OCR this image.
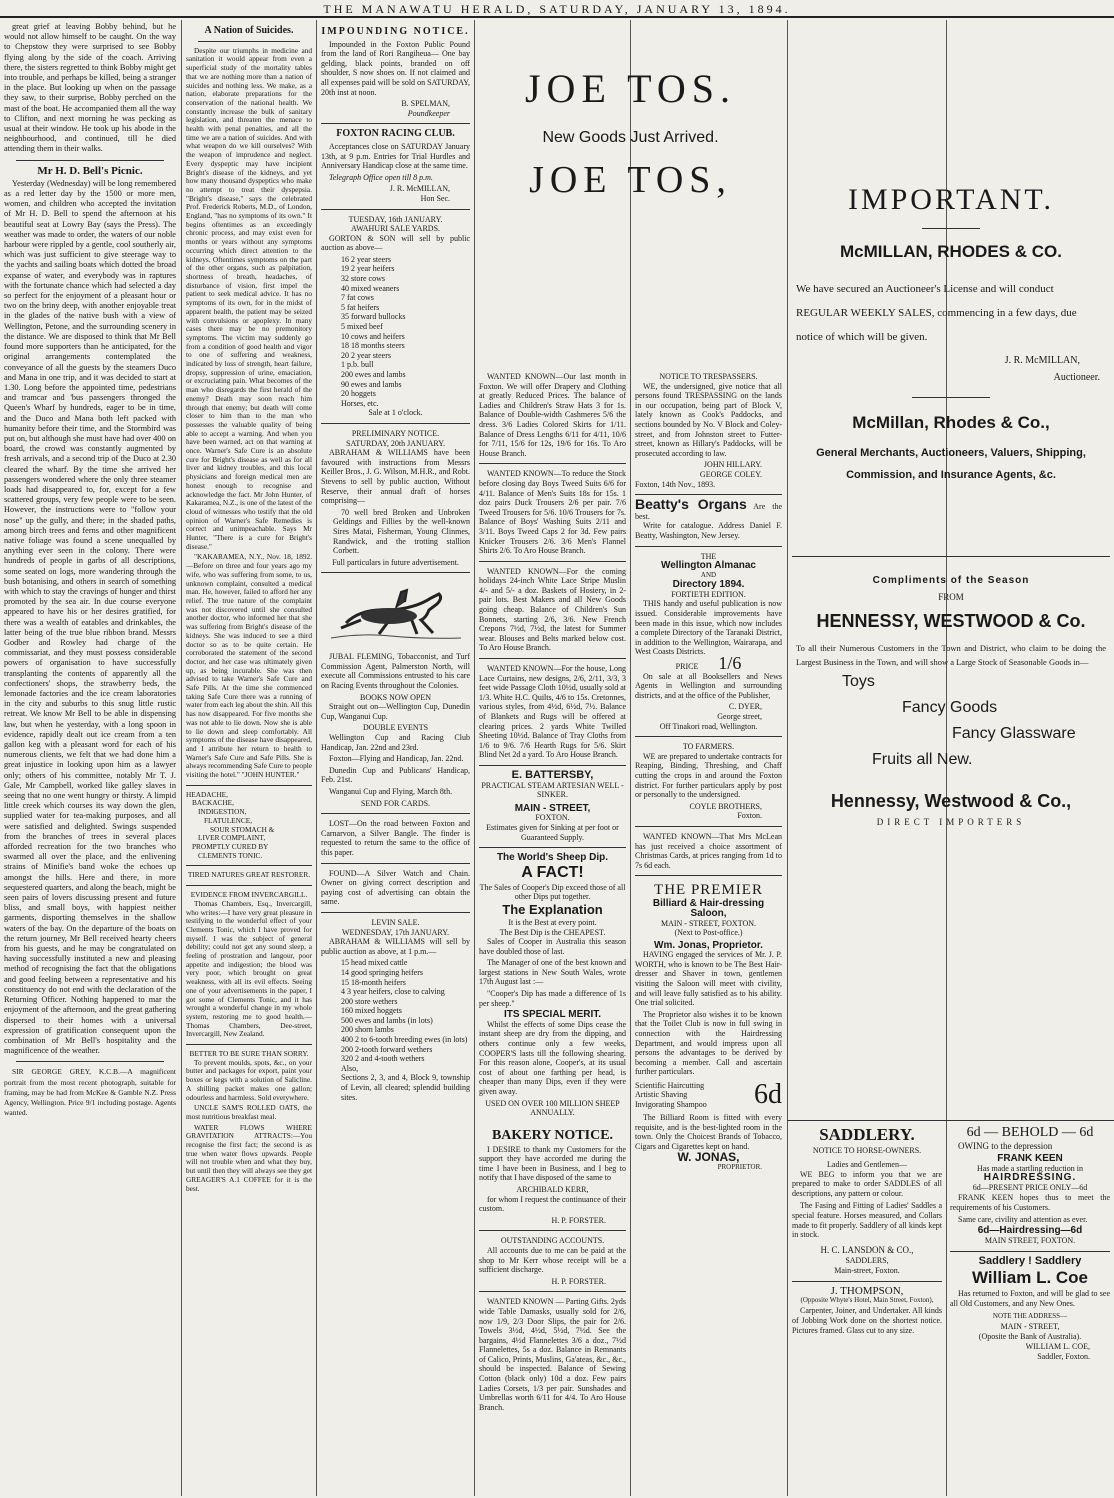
THE MANAWATU HERALD, SATURDAY, JANUARY 13, 1894.
great grief at leaving Bobby behind, but he would not allow himself to be caught. On the way to Chepstow they were surprised to see Bobby flying along by the side of the coach. Arriving there, the sisters regretted to think Bobby might get into trouble, and perhaps be killed, being a stranger in the place. But looking up when on the passage they saw, to their surprise, Bobby perched on the mast of the boat. He accompanied them all the way to Clifton, and next morning he was pecking as usual at their window. He took up his abode in the neighbourhood, and continued, till he died attending them in their walks.
Mr H. D. Bell's Picnic.
Yesterday (Wednesday) will be long remembered as a red letter day by the 1500 or more men, women, and children who accepted the invitation of Mr H. D. Bell to spend the afternoon at his beautiful seat at Lowry Bay (says the Press). The weather was made to order, the waters of our noble harbour were rippled by a gentle, cool southerly air, which was just sufficient to give steerage way to the yachts and sailing boats which dotted the broad expanse of water, and everybody was in raptures with the fortunate chance which had selected a day so perfect for the enjoyment of a pleasant hour or two on the briny deep, with another enjoyable treat in the glades of the native bush with a view of Wellington, Petone, and the surrounding scenery in the distance. We are disposed to think that Mr Bell found more supporters than he anticipated, for the original arrangements contemplated the conveyance of all the guests by the steamers Duco and Mana in one trip, and it was decided to start at 1.30. Long before the appointed time, pedestrians and tramcar and 'bus passengers thronged the Queen's Wharf by hundreds, eager to be in time, and the Duco and Mana both left packed with humanity before their time, and the Stormbird was put on, but although she must have had over 400 on board, the crowd was constantly augmented by fresh arrivals, and a second trip of the Duco at 2.30 cleared the wharf. By the time she arrived her passengers wondered where the only three steamer loads had disappeared to, for, except for a few scattered groups, very few people were to be seen. However, the instructions were to "follow your nose" up the gully, and there; in the shaded paths, among birch trees and ferns and other magnificent native foliage was found a scene unequalled by anything ever seen in the colony. There were hundreds of people in garbs of all descriptions, some seated on logs, more wandering through the bush botanising, and others in search of something with which to stay the cravings of hunger and thirst promoted by the sea air. In due course everyone appeared to have his or her desires gratified, for there was a wealth of eatables and drinkables, the latter being of the true blue ribbon brand. Messrs Godber and Rowley had charge of the commissariat, and they must possess considerable powers of organisation to have successfully transplanting the contents of apparently all the confectioners' shops, the strawberry beds, the lemonade factories and the ice cream laboratories in the city and suburbs to this snug little rustic retreat. We know Mr Bell to be able in dispensing law, but when he yesterday, with a long spoon in evidence, rapidly dealt out ice cream from a ten gallon keg with a pleasant word for each of his numerous clients, we felt that we had done him a great injustice in looking upon him as a lawyer only; others of his committee, notably Mr T. J. Gale, Mr Campbell, worked like galley slaves in seeing that no one went hungry or thirsty. A limpid little creek which courses its way down the glen, supplied water for tea-making purposes, and all were satisfied and delighted. Swings suspended from the branches of trees in several places afforded recreation for the two branches who swarmed all over the place, and the enlivening strains of Minifie's band woke the echoes up amongst the hills. Here and there, in more sequestered quarters, and along the beach, might be seen pairs of lovers discussing present and future bliss, and small boys, with happiest neither garments, disporting themselves in the shallow waters of the bay. On the departure of the boats on the return journey, Mr Bell received hearty cheers from his guests, and he may be congratulated on having successfully instituted a new and pleasing method of recognising the fact that the obligations and good feeling between a representative and his constituency do not end with the declaration of the Returning Officer. Nothing happened to mar the enjoyment of the afternoon, and the great gathering dispersed to their homes with a universal expression of gratification consequent upon the combination of Mr Bell's hospitality and the magnificence of the weather.
SIR GEORGE GREY, K.C.B.—A magnificent portrait from the most recent photograph, suitable for framing, may be had from McKee & Gamble N.Z. Press Agency, Wellington. Price 9/1 including postage. Agents wanted.
A Nation of Suicides.
Despite our triumphs in medicine and sanitation it would appear from even a superficial study of the mortality tables that we are nothing more than a nation of suicides and nothing less. We make, as a nation, elaborate preparations for the conservation of the national health. We constantly increase the bulk of sanitary legislation, and threaten the menace to health with penal penalties, and all the time we are a nation of suicides. And with what weapon do we kill ourselves? With the weapon of imprudence and neglect. Every dyspeptic may have incipient Bright's disease of the kidneys, and yet how many thousand dyspeptics who make no attempt to treat their dyspepsia. "Bright's disease," says the celebrated Prof. Frederick Roberts, M.D., of London, England, "has no symptoms of its own." It begins oftentimes as an exceedingly chronic process, and may exist even for months or years without any symptoms occurring which direct attention to the kidneys. Oftentimes symptoms on the part of the other organs, such as palpitation, shortness of breath, headaches, of disturbance of vision, first impel the patient to seek medical advice. It has no symptoms of its own, for in the midst of apparent health, the patient may be seized with convulsions or apoplexy. In many cases there may be no premonitory symptoms. The victim may suddenly go from a condition of good health and vigor to one of suffering and weakness, indicated by loss of strength, heart failure, dropsy, suppression of urine, emaciation, or excruciating pain. What becomes of the man who disregards the first herald of the enemy? Death may soon reach him through that enemy; but death will come closer to him than to the man who possesses the valuable quality of being able to accept a warning. And when you have been warned, act on that warning at once. Warner's Safe Cure is an absolute cure for Bright's disease as well as for all liver and kidney troubles, and this local physicians and foreign medical men are honest enough to recognise and acknowledge the fact. Mr John Hunter, of Kakaramea, N.Z., is one of the latest of the cloud of witnesses who testify that the old opinion of Warner's Safe Remedies is correct and unimpeachable. Says Mr Hunter, "There is a cure for Bright's disease."
"KAKARAMEA, N.Y., Nov. 18, 1892.—Before on three and four years ago my wife, who was suffering from some, to us, unknown complaint, consulted a medical man. He, however, failed to afford her any relief. The true nature of the complaint was not discovered until she consulted another doctor, who informed her that she was suffering from Bright's disease of the kidneys. She was induced to see a third doctor so as to be quite certain. He corroborated the statement of the second doctor, and her case was ultimately given up, as being incurable. She was then advised to take Warner's Safe Cure and Safe Pills. At the time she commenced taking Safe Cure there was a running of water from each leg about the shin. All this has now disappeared. For five months she was not able to lie down. Now she is able to lie down and sleep comfortably. All symptoms of the disease have disappeared, and I attribute her return to health to Warner's Safe Cure and Safe Pills. She is always recommending Safe Cure to people visiting the hotel." "JOHN HUNTER."
HEADACHE,
BACKACHE,
INDIGESTION,
FLATULENCE,
SOUR STOMACH &
LIVER COMPLAINT,
PROMPTLY CURED BY
CLEMENTS TONIC.
TIRED NATURES GREAT RESTORER.
EVIDENCE FROM INVERCARGILL.
Thomas Chambers, Esq., Invercargill, who writes:—I have very great pleasure in testifying to the wonderful effect of your Clements Tonic, which I have proved for myself. I was the subject of general debility; could not get any sound sleep, a feeling of prostration and langour, poor appetite and indigestion; the blood was very poor, which brought on great weakness, with all its evil effects. Seeing one of your advertisements in the paper, I got some of Clements Tonic, and it has wrought a wonderful change in my whole system, restoring me to good health.—Thomas Chambers, Dee-street, Invercargill, New Zealand.
BETTER TO BE SURE THAN SORRY.
To prevent moulds, spots, &c., on your butter and packages for export, paint your boxes or kegs with a solution of Salicline. A shilling packet makes one gallon; odourless and harmless. Sold everywhere.
UNCLE SAM'S ROLLED OATS, the most nutritious breakfast meal.
WATER FLOWS WHERE GRAVITATION ATTRACTS:—You recognise the first fact; the second is as true when water flows upwards. People will not trouble when and what they buy, but until then they will always see they get GREAGER'S A.1 COFFEE for it is the best.
IMPOUNDING NOTICE.
Impounded in the Foxton Public Pound from the land of Rori Rangiheua— One bay gelding, black points, branded on off shoulder, S now shoes on. If not claimed and all expenses paid will be sold on SATURDAY, 20th inst at noon.
B. SPELMAN,
Poundkeeper
FOXTON RACING CLUB.
Acceptances close on SATURDAY January 13th, at 9 p.m. Entries for Trial Hurdles and Anniversary Handicap close at the same time.
Telegraph Office open till 8 p.m.
J. R. McMILLAN,
Hon Sec.
TUESDAY, 16th JANUARY.
AWAHURI SALE YARDS.
GORTON & SON will sell by public auction as above—
16 2 year steers
19 2 year heifers
32 store cows
40 mixed weaners
7 fat cows
5 fat heifers
35 forward bullocks
5 mixed beef
10 cows and heifers
18 18 months steers
20 2 year steers
1 p.b. bull
200 ewes and lambs
90 ewes and lambs
20 hoggets
Horses, etc.
Sale at 1 o'clock.
PRELIMINARY NOTICE.
SATURDAY, 20th JANUARY.
ABRAHAM & WILLIAMS have been favoured with instructions from Messrs Keiller Bros., J. G. Wilson, M.H.R., and Robt. Stevens to sell by public auction, Without Reserve, their annual draft of horses comprising—
70 well bred Broken and Unbroken Geldings and Fillies by the well-known Sires Matai, Fisherman, Young Clinmes, Randwick, and the trotting stallion Corbett.
Full particulars in future advertisement.
JUBAL FLEMING, Tobacconist, and Turf Commission Agent, Palmerston North, will execute all Commissions entrusted to his care on Racing Events throughout the Colonies.
BOOKS NOW OPEN
Straight out on—Wellington Cup, Dunedin Cup, Wanganui Cup.
DOUBLE EVENTS
Wellington Cup and Racing Club Handicap, Jan. 22nd and 23rd.
Foxton—Flying and Handicap, Jan. 22nd.
Dunedin Cup and Publicans' Handicap, Feb. 21st.
Wanganui Cup and Flying, March 8th.
SEND FOR CARDS.
LOST—On the road between Foxton and Carnarvon, a Silver Bangle. The finder is requested to return the same to the office of this paper.
FOUND—A Silver Watch and Chain. Owner on giving correct description and paying cost of advertising can obtain the same.
LEVIN SALE.
WEDNESDAY, 17th JANUARY.
ABRAHAM & WILLIAMS will sell by public auction as above, at 1 p.m.—
15 head mixed cattle
14 good springing heifers
15 18-month heifers
4 3 year heifers, close to calving
200 store wethers
160 mixed hoggets
500 ewes and lambs (in lots)
200 shorn lambs
400 2 to 6-tooth breeding ewes (in lots)
200 2-tooth forward wethers
320 2 and 4-tooth wethers
Also,
Sections 2, 3, and 4, Block 9, township of Levin, all cleared; splendid building sites.
BAKERY NOTICE.
I DESIRE to thank my Customers for the support they have accorded me during the time I have been in Business, and I beg to notify that I have disposed of the same to
ARCHIBALD KERR,
for whom I request the continuance of their custom.
H. P. FORSTER.
OUTSTANDING ACCOUNTS.
All accounts due to me can be paid at the shop to Mr Kerr whose receipt will be a sufficient discharge.
H. P. FORSTER.
WANTED KNOWN — Parting Gifts. 2yds wide Table Damasks, usually sold for 2/6, now 1/9, 2/3 Door Slips, the pair for 2/6. Towels 3½d, 4½d, 5½d, 7½d. See the bargains, 4½d Flannelettes 3/6 a doz., 7½d Flannelettes, 5s a doz. Balance in Remnants of Calico, Prints, Muslins, Ga'ateas, &c., &c., should be inspected. Balance of Sewing Cotton (black only) 10d a doz. Few pairs Ladies Corsets, 1/3 per pair. Sunshades and Umbrellas worth 6/11 for 4/4. To Aro House Branch.
JOE TOS.
New Goods Just Arrived.
JOE TOS,
WANTED KNOWN—Our last month in Foxton. We will offer Drapery and Clothing at greatly Reduced Prices. The balance of Ladies and Children's Straw Hats 3 for 1s. Balance of Double-width Cashmeres 5/6 the dress. 3/6 Ladies Colored Skirts for 1/11. Balance of Dress Lengths 6/11 for 4/11, 10/6 for 7/11, 15/6 for 12s, 19/6 for 16s. To Aro House Branch.
WANTED KNOWN—To reduce the Stock before closing day Boys Tweed Suits 6/6 for 4/11. Balance of Men's Suits 18s for 15s. 1 doz pairs Duck Trousers 2/6 per pair. 7/6 Tweed Trousers for 5/6. 10/6 Trousers for 7s. Balance of Boys' Washing Suits 2/11 and 3/11. Boys Tweed Caps 2 for 3d. Few pairs Knicker Trousers 2/6. 3/6 Men's Flannel Shirts 2/6. To Aro House Branch.
WANTED KNOWN—For the coming holidays 24-inch White Lace Stripe Muslin 4/- and 5/- a doz. Baskets of Hosiery, in 2-pair lots. Best Makers and all New Goods going cheap. Balance of Children's Sun Bonnets, starting 2/6, 3/6. New French Crepons 7½d, 7½d, the latest for Summer wear. Blouses and Belts marked below cost. To Aro House Branch.
WANTED KNOWN—For the house, Long Lace Curtains, new designs, 2/6, 2/11, 3/3, 3 feet wide Passage Cloth 10½d, usually sold at 1/3. White H.C. Quilts, 4/6 to 15s. Cretonnes, various styles, from 4½d, 6½d, 7½. Balance of Blankets and Rugs will be offered at clearing prices. 2 yards White Twilled Sheeting 10½d. Balance of Tray Cloths from 1/6 to 9/6. 7/6 Hearth Rugs for 5/6. Skirt Blind Net 2d a yard. To Aro House Branch.
E. BATTERSBY,
PRACTICAL STEAM ARTESIAN WELL - SINKER.
MAIN - STREET,
FOXTON.
Estimates given for Sinking at per foot or Guaranteed Supply.
The World's Sheep Dip.
A FACT!
The Sales of Cooper's Dip exceed those of all other Dips put together.
The Explanation
It is the Best at every point.
The Best Dip is the CHEAPEST.
Sales of Cooper in Australia this season have doubled those of last.
The Manager of one of the best known and largest stations in New South Wales, wrote 17th August last :—
"Cooper's Dip has made a difference of 1s per sheep."
ITS SPECIAL MERIT.
Whilst the effects of some Dips cease the instant sheep are dry from the dipping, and others continue only a few weeks, COOPER'S lasts till the following shearing. For this reason alone, Cooper's, at its usual cost of about one farthing per head, is cheaper than many Dips, even if they were given away.
USED ON OVER 100 MILLION SHEEP ANNUALLY.
NOTICE TO TRESPASSERS.
WE, the undersigned, give notice that all persons found TRESPASSING on the lands in our occupation, being part of Block V, lately known as Cook's Paddocks, and sections bounded by No. V Block and Coley-street, and from Johnston street to Futter-street, known as Hillary's Paddocks, will be prosecuted according to law.
JOHN HILLARY.
GEORGE COLEY.
Foxton, 14th Nov., 1893.
Beatty's Organs Are the best.
Write for catalogue. Address Daniel F. Beatty, Washington, New Jersey.
THE
Wellington Almanac
AND
Directory 1894.
FORTIETH EDITION.
THIS handy and useful publication is now issued. Considerable improvements have been made in this issue, which now includes a complete Directory of the Taranaki District, in addition to the Wellington, Wairarapa, and West Coasts Districts.
PRICE 1/6
On sale at all Booksellers and News Agents in Wellington and surrounding districts, and at the office of the Publisher,
C. DYER,
George street,
Off Tinakori road, Wellington.
TO FARMERS.
WE are prepared to undertake contracts for Reaping, Binding, Threshing, and Chaff cutting the crops in and around the Foxton district. For further particulars apply by post or personally to the undersigned.
COYLE BROTHERS,
Foxton.
WANTED KNOWN—That Mrs McLean has just received a choice assortment of Christmas Cards, at prices ranging from 1d to 7s 6d each.
THE PREMIER
Billiard & Hair-dressing Saloon,
MAIN - STREET, FOXTON.
(Next to Post-office.)
Wm. Jonas, Proprietor.
HAVING engaged the services of Mr. J. P. WORTH, who is known to be The Best Hair-dresser and Shaver in town, gentlemen visiting the Saloon will meet with civility, and will leave fully satisfied as to his ability. One trial solicited.
The Proprietor also wishes it to be known that the Toilet Club is now in full swing in connection with the Hairdressing Department, and would impress upon all persons the advantages to be derived by becoming a member. Call and ascertain further particulars.
Scientific Haircutting
Artistic Shaving
Invigorating Shampoo	6d
The Billiard Room is fitted with every requisite, and is the best-lighted room in the town. Only the Choicest Brands of Tobacco, Cigars and Cigarettes kept on hand.
W. JONAS,
PROPRIETOR.
IMPORTANT.
McMILLAN, RHODES & CO.
We have secured an Auctioneer's License and will conduct REGULAR WEEKLY SALES, commencing in a few days, due notice of which will be given.
J. R. McMILLAN,
Auctioneer.
McMillan, Rhodes & Co.,
General Merchants, Auctioneers, Valuers, Shipping, Commission, and Insurance Agents, &c.
Compliments of the Season
FROM
HENNESSY, WESTWOOD & Co.
To all their Numerous Customers in the Town and District, who claim to be doing the Largest Business in the Town, and will show a Large Stock of Seasonable Goods in—
Toys
Fancy Goods
Fancy Glassware
Fruits all New.
Hennessy, Westwood & Co.,
DIRECT IMPORTERS
SADDLERY.
NOTICE TO HORSE-OWNERS.
Ladies and Gentlemen—
WE BEG to inform you that we are prepared to make to order SADDLES of all descriptions, any pattern or colour.
The Fasing and Fitting of Ladies' Saddles a special feature. Horses measured, and Collars made to fit properly. Saddlery of all kinds kept in stock.
H. C. LANSDON & CO.,
SADDLERS,
Main-street, Foxton.
J. THOMPSON,
(Opposite Whyte's Hotel, Main Street, Foxton),
Carpenter, Joiner, and Undertaker. All kinds of Jobbing Work done on the shortest notice. Pictures framed. Glass cut to any size.
6d — BEHOLD — 6d
OWING to the depression
FRANK KEEN
Has made a startling reduction in
HAIRDRESSING.
6d—PRESENT PRICE ONLY—6d
FRANK KEEN hopes thus to meet the requirements of his Customers.
Same care, civility and attention as ever.
6d—Hairdressing—6d
MAIN STREET, FOXTON.
Saddlery ! Saddlery
William L. Coe
Has returned to Foxton, and will be glad to see all Old Customers, and any New Ones.
NOTE THE ADDRESS—
MAIN - STREET,
(Oposite the Bank of Australia).
WILLIAM L. COE,
Saddler, Foxton.
